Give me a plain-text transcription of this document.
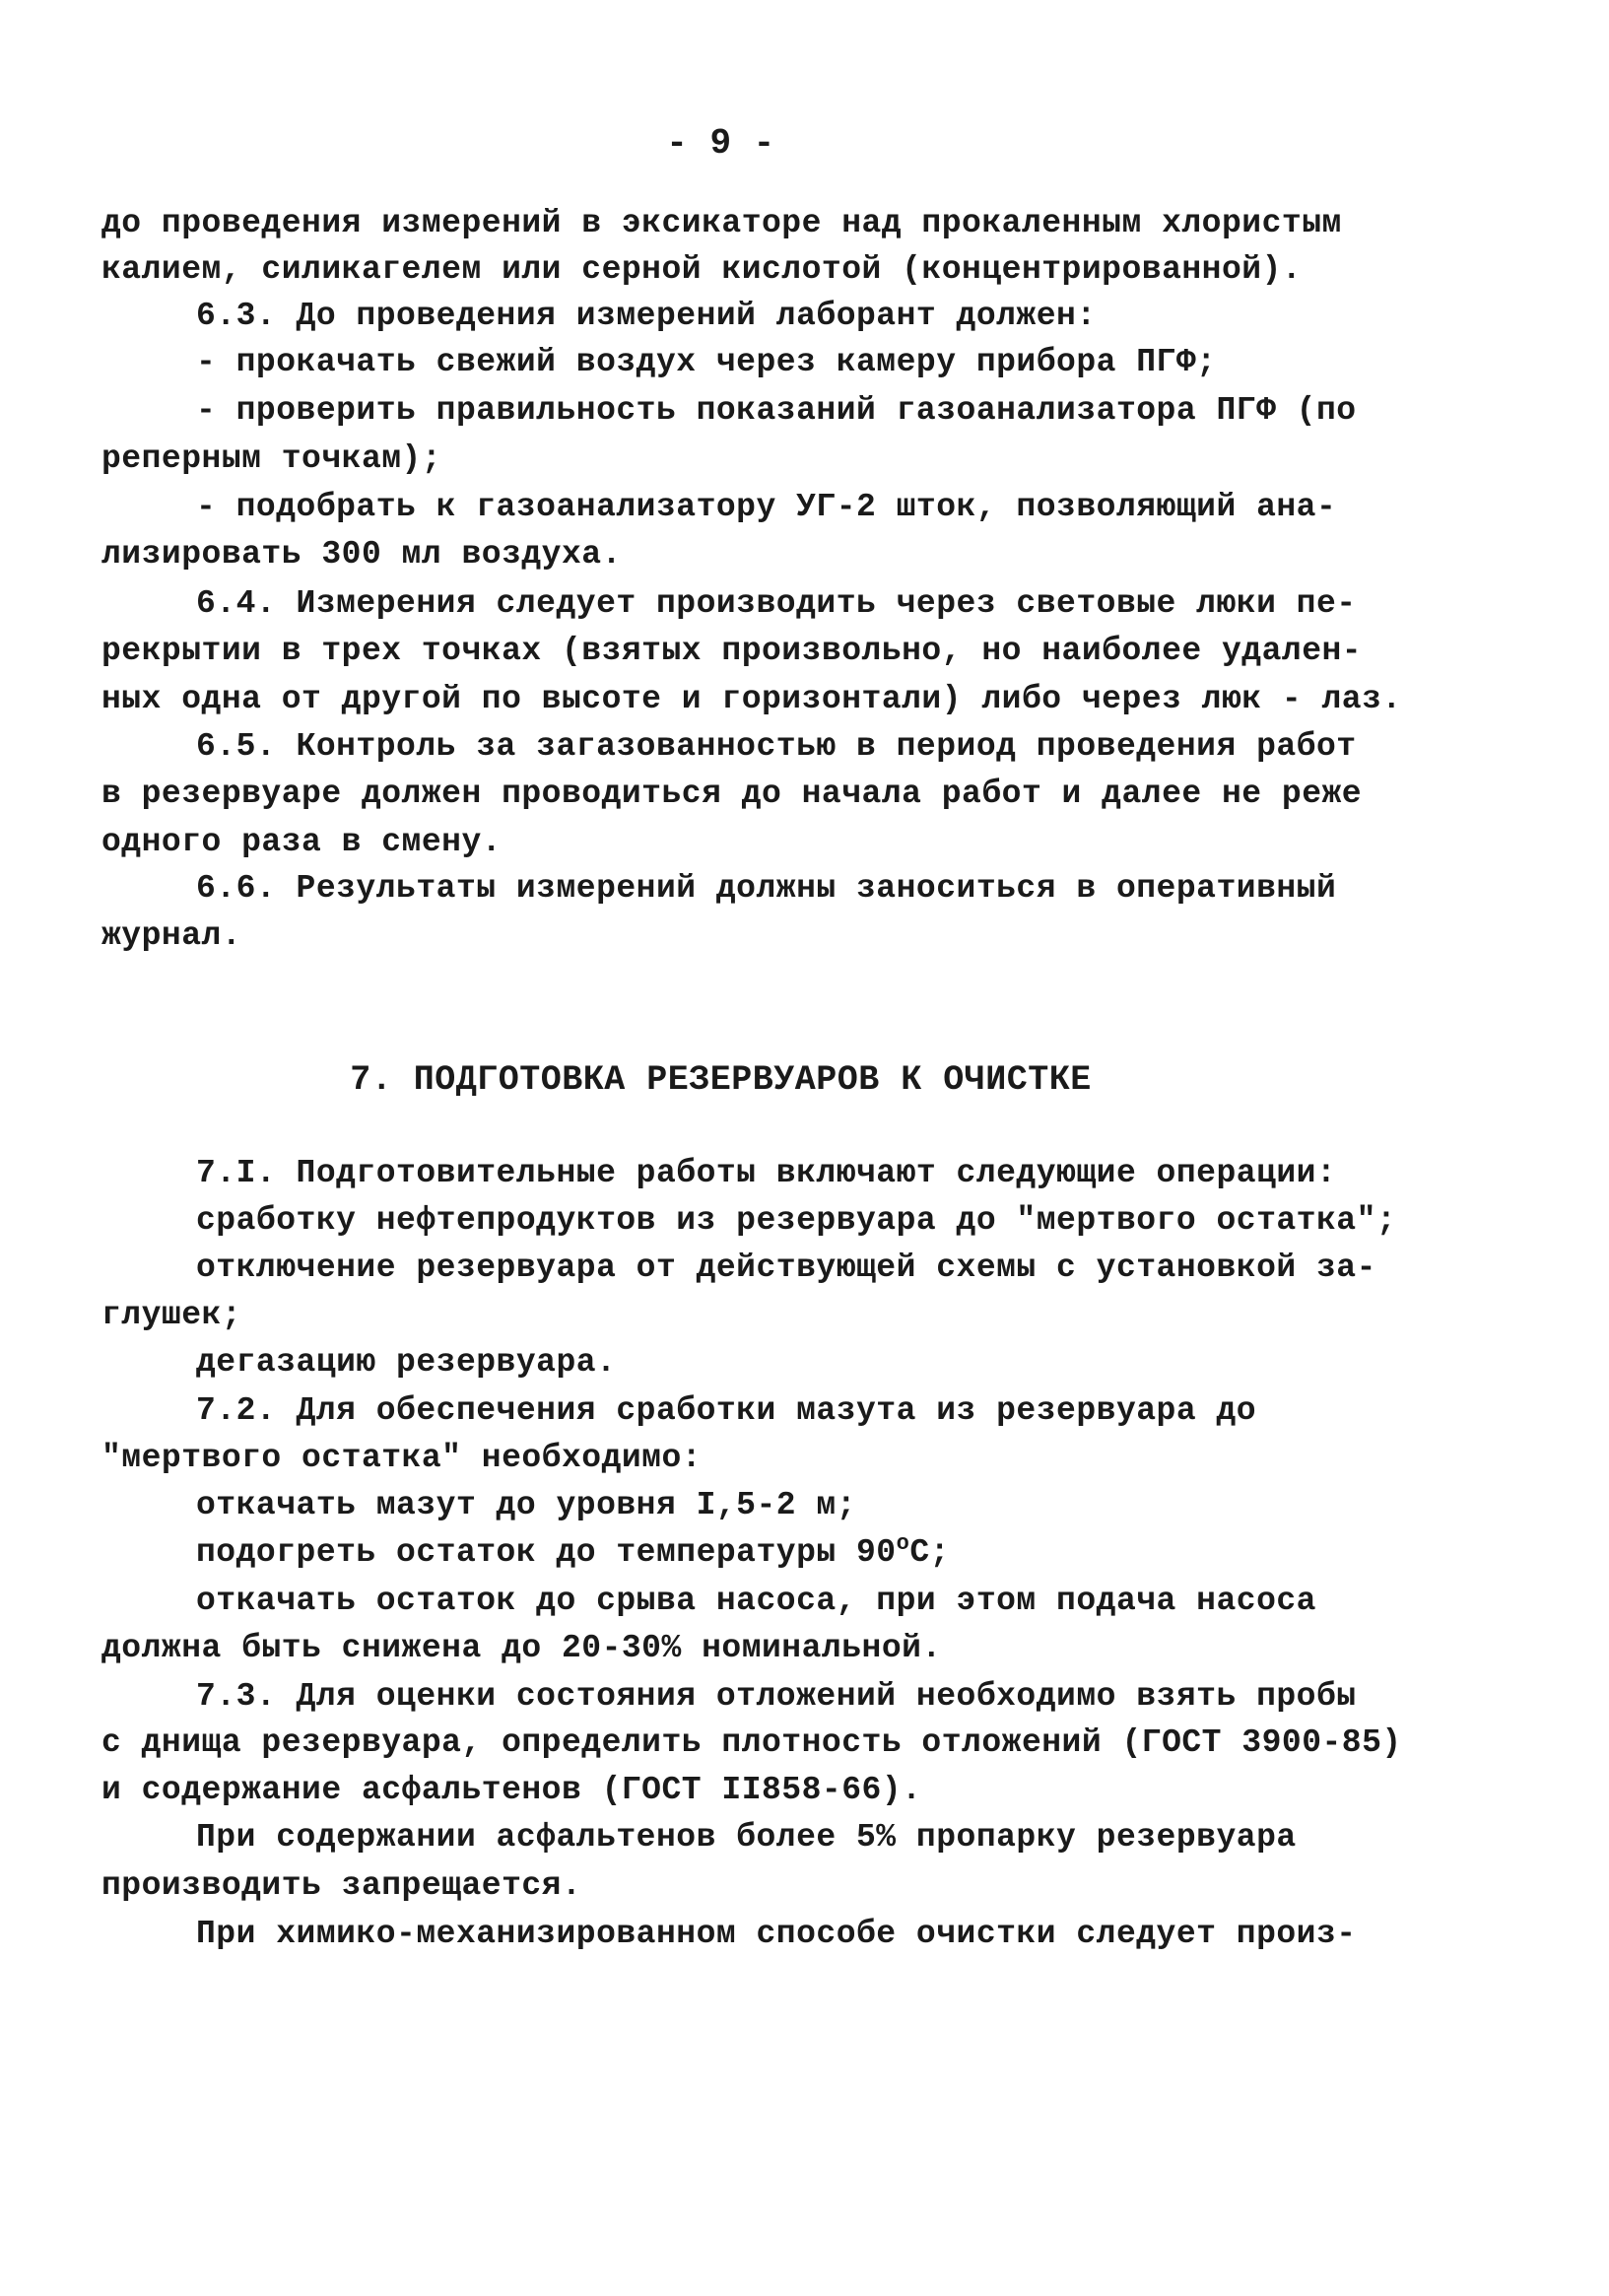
- 9 -
до проведения измерений в эксикаторе над прокаленным хлористым
калием, силикагелем или серной кислотой (концентрированной).
6.3. До проведения измерений лаборант должен:
- прокачать свежий воздух через камеру прибора ПГФ;
- проверить правильность показаний газоанализатора ПГФ (по
реперным точкам);
- подобрать к газоанализатору УГ-2 шток, позволяющий ана-
лизировать 300 мл воздуха.
6.4. Измерения следует производить через световые люки пе-
рекрытии в трех точках (взятых произвольно, но наиболее удален-
ных одна от другой по высоте и горизонтали) либо через люк - лаз.
6.5. Контроль за загазованностью в период проведения работ
в резервуаре должен проводиться до начала работ и далее не реже
одного раза в смену.
6.6. Результаты измерений должны заноситься в оперативный
журнал.
7. ПОДГОТОВКА РЕЗЕРВУАРОВ К ОЧИСТКЕ
7.I. Подготовительные работы включают следующие операции:
сработку нефтепродуктов из резервуара до "мертвого остатка";
отключение резервуара от действующей схемы с установкой за-
глушек;
дегазацию резервуара.
7.2. Для обеспечения сработки мазута из резервуара до
"мертвого остатка" необходимо:
откачать мазут до уровня I,5-2 м;
подогреть остаток до температуры $90^оС$;
откачать остаток до срыва насоса, при этом подача насоса
должна быть снижена до 20-30% номинальной.
7.3. Для оценки состояния отложений необходимо взять пробы
с днища резервуара, определить плотность отложений (ГОСТ 3900-85)
и содержание асфальтенов (ГОСТ II858-66).
При содержании асфальтенов более 5% пропарку резервуара
производить запрещается.
При химико-механизированном способе очистки следует произ-
